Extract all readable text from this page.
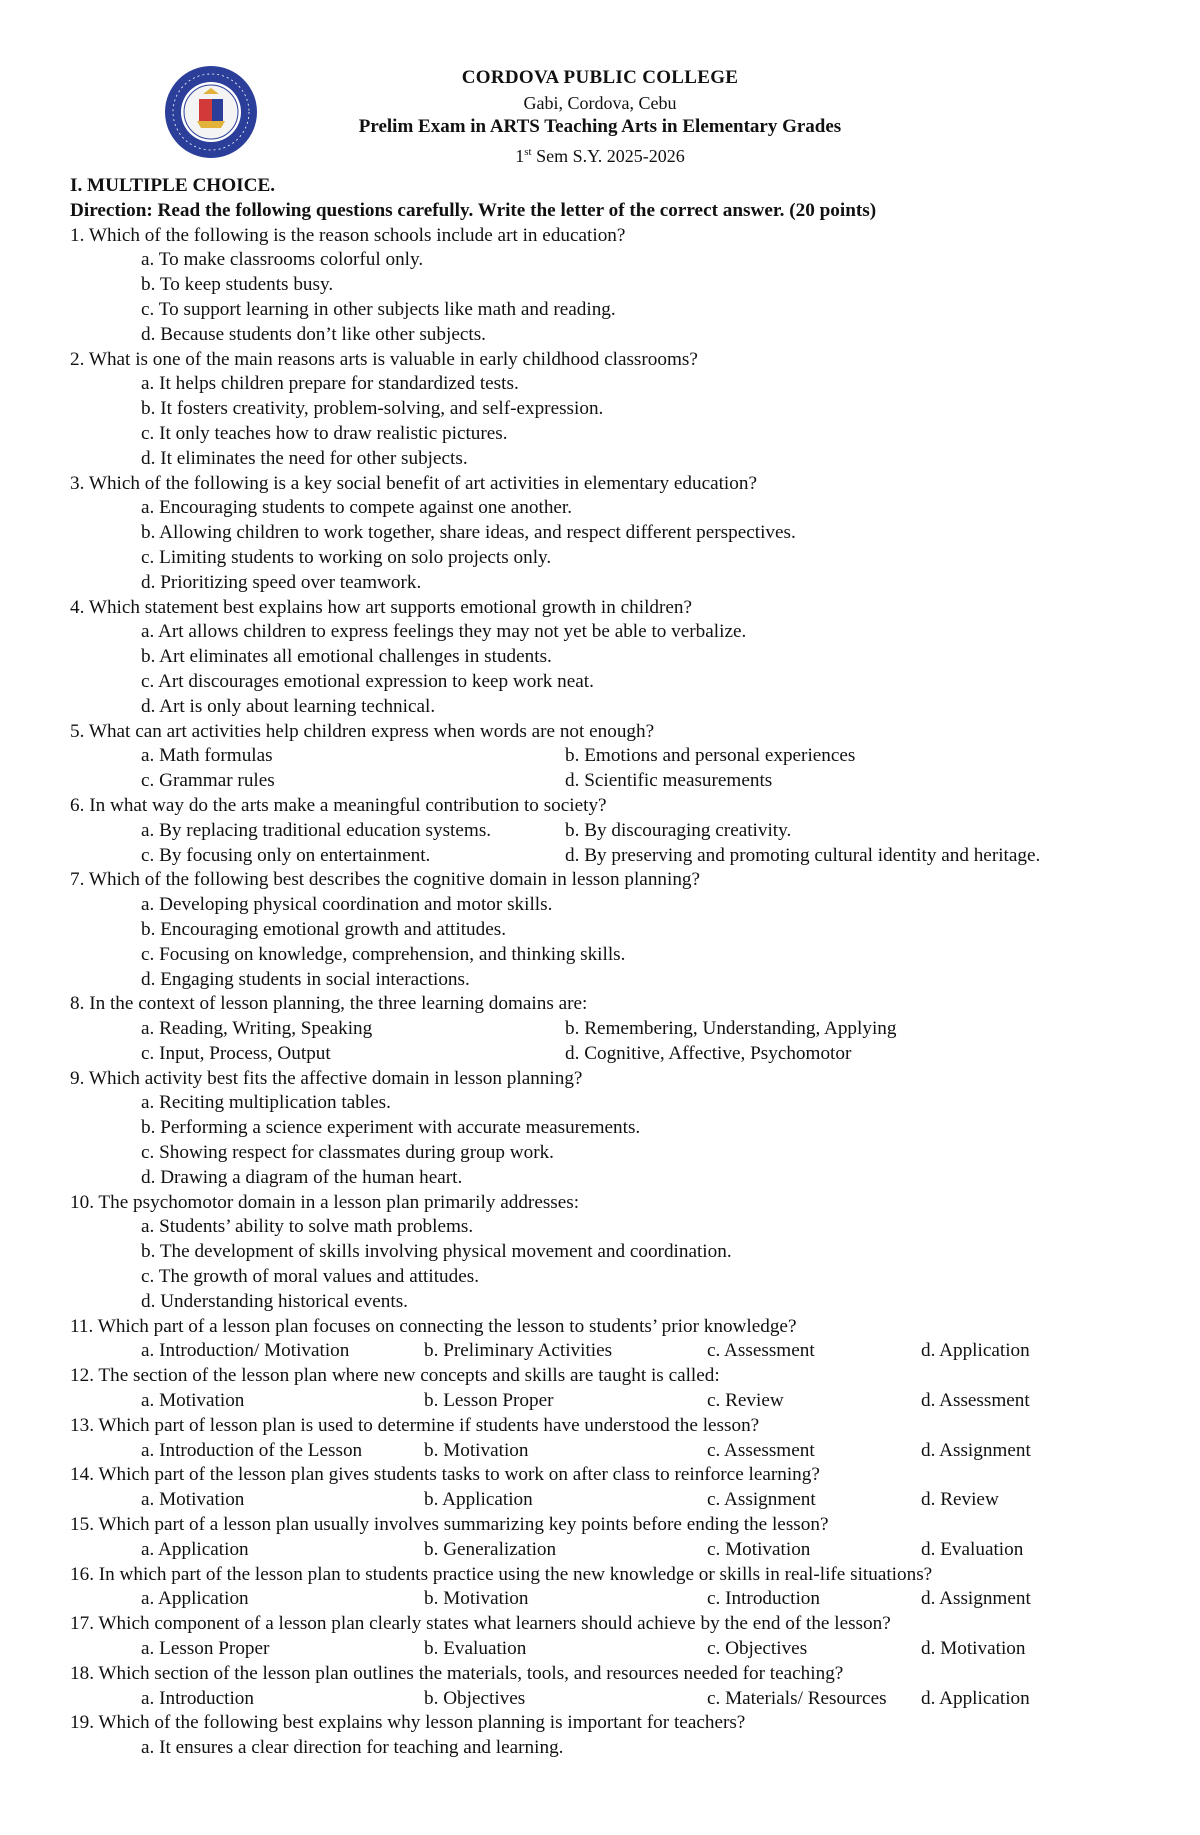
CORDOVA PUBLIC COLLEGE
Gabi, Cordova, Cebu
Prelim Exam in ARTS Teaching Arts in Elementary Grades
1st Sem S.Y. 2025-2026
I. MULTIPLE CHOICE.
Direction: Read the following questions carefully. Write the letter of the correct answer. (20 points)
1. Which of the following is the reason schools include art in education?
a. To make classrooms colorful only.
b. To keep students busy.
c. To support learning in other subjects like math and reading.
d. Because students don’t like other subjects.
2. What is one of the main reasons arts is valuable in early childhood classrooms?
a. It helps children prepare for standardized tests.
b. It fosters creativity, problem-solving, and self-expression.
c. It only teaches how to draw realistic pictures.
d. It eliminates the need for other subjects.
3. Which of the following is a key social benefit of art activities in elementary education?
a. Encouraging students to compete against one another.
b. Allowing children to work together, share ideas, and respect different perspectives.
c. Limiting students to working on solo projects only.
d. Prioritizing speed over teamwork.
4. Which statement best explains how art supports emotional growth in children?
a. Art allows children to express feelings they may not yet be able to verbalize.
b. Art eliminates all emotional challenges in students.
c. Art discourages emotional expression to keep work neat.
d. Art is only about learning technical.
5. What can art activities help children express when words are not enough?
a. Math formulas	b. Emotions and personal experiences
c. Grammar rules	d. Scientific measurements
6. In what way do the arts make a meaningful contribution to society?
a. By replacing traditional education systems.	b. By discouraging creativity.
c. By focusing only on entertainment.	d. By preserving and promoting cultural identity and heritage.
7. Which of the following best describes the cognitive domain in lesson planning?
a. Developing physical coordination and motor skills.
b. Encouraging emotional growth and attitudes.
c. Focusing on knowledge, comprehension, and thinking skills.
d. Engaging students in social interactions.
8. In the context of lesson planning, the three learning domains are:
a. Reading, Writing, Speaking	b. Remembering, Understanding, Applying
c. Input, Process, Output	d. Cognitive, Affective, Psychomotor
9. Which activity best fits the affective domain in lesson planning?
a. Reciting multiplication tables.
b. Performing a science experiment with accurate measurements.
c. Showing respect for classmates during group work.
d. Drawing a diagram of the human heart.
10. The psychomotor domain in a lesson plan primarily addresses:
a. Students’ ability to solve math problems.
b. The development of skills involving physical movement and coordination.
c. The growth of moral values and attitudes.
d. Understanding historical events.
11. Which part of a lesson plan focuses on connecting the lesson to students’ prior knowledge?
a. Introduction/ Motivation	b. Preliminary Activities	c. Assessment	d. Application
12. The section of the lesson plan where new concepts and skills are taught is called:
a. Motivation	b. Lesson Proper	c. Review	d. Assessment
13. Which part of lesson plan is used to determine if students have understood the lesson?
a. Introduction of the Lesson	b. Motivation	c. Assessment	d. Assignment
14. Which part of the lesson plan gives students tasks to work on after class to reinforce learning?
a. Motivation	b. Application	c. Assignment	d. Review
15. Which part of a lesson plan usually involves summarizing key points before ending the lesson?
a. Application	b. Generalization	c. Motivation	d. Evaluation
16. In which part of the lesson plan to students practice using the new knowledge or skills in real-life situations?
a. Application	b. Motivation	c. Introduction	d. Assignment
17. Which component of a lesson plan clearly states what learners should achieve by the end of the lesson?
a. Lesson Proper	b. Evaluation	c. Objectives	d. Motivation
18. Which section of the lesson plan outlines the materials, tools, and resources needed for teaching?
a. Introduction	b. Objectives	c. Materials/ Resources d. Application
19. Which of the following best explains why lesson planning is important for teachers?
a. It ensures a clear direction for teaching and learning.
